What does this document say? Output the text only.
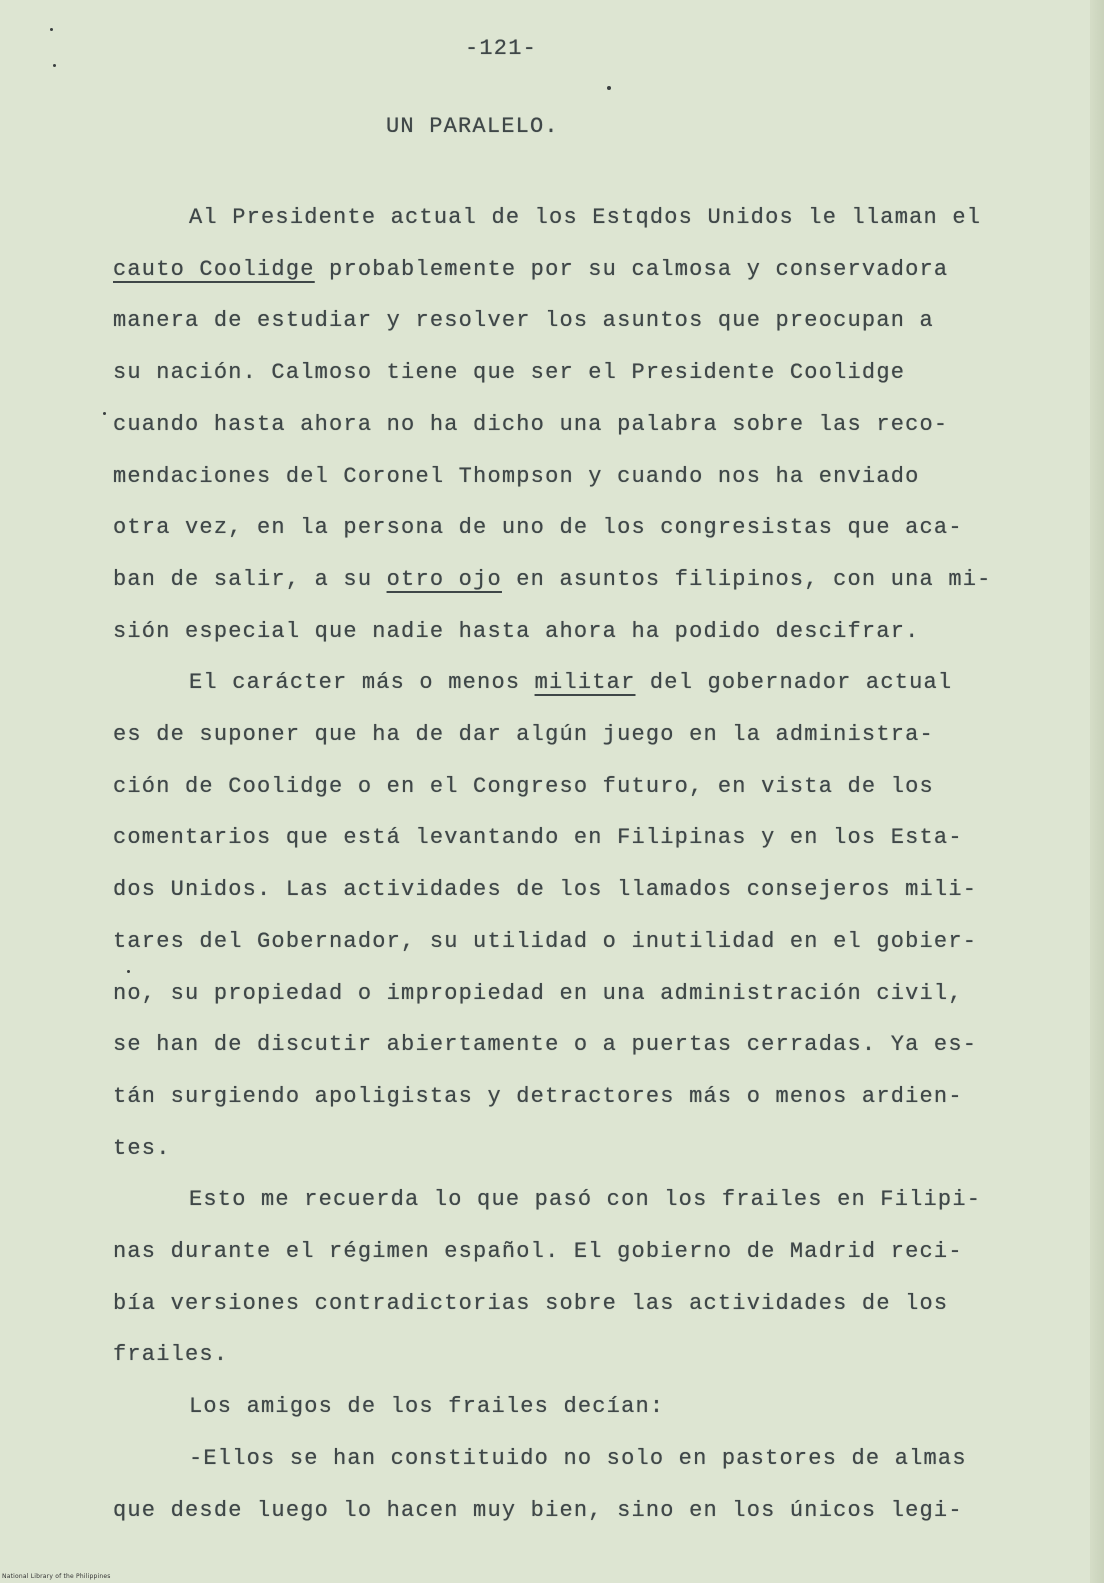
-121-
UN PARALELO.
Al Presidente actual de los Estqdos Unidos le llaman el
cauto Coolidge probablemente por su calmosa y conservadora
manera de estudiar y resolver los asuntos que preocupan a
su nación. Calmoso tiene que ser el Presidente Coolidge
cuando hasta ahora no ha dicho una palabra sobre las reco-
mendaciones del Coronel Thompson y cuando nos ha enviado
otra vez, en la persona de uno de los congresistas que aca-
ban de salir, a su otro ojo en asuntos filipinos, con una mi-
sión especial que nadie hasta ahora ha podido descifrar.
El carácter más o menos militar del gobernador actual
es de suponer que ha de dar algún juego en la administra-
ción de Coolidge o en el Congreso futuro, en vista de los
comentarios que está levantando en Filipinas y en los Esta-
dos Unidos. Las actividades de los llamados consejeros mili-
tares del Gobernador, su utilidad o inutilidad en el gobier-
no, su propiedad o impropiedad en una administración civil,
se han de discutir abiertamente o a puertas cerradas. Ya es-
tán surgiendo apoligistas y detractores más o menos ardien-
tes.
Esto me recuerda lo que pasó con los frailes en Filipi-
nas durante el régimen español. El gobierno de Madrid reci-
bía versiones contradictorias sobre las actividades de los
frailes.
Los amigos de los frailes decían:
-Ellos se han constituido no solo en pastores de almas
que desde luego lo hacen muy bien, sino en los únicos legi-
National Library of the Philippines
